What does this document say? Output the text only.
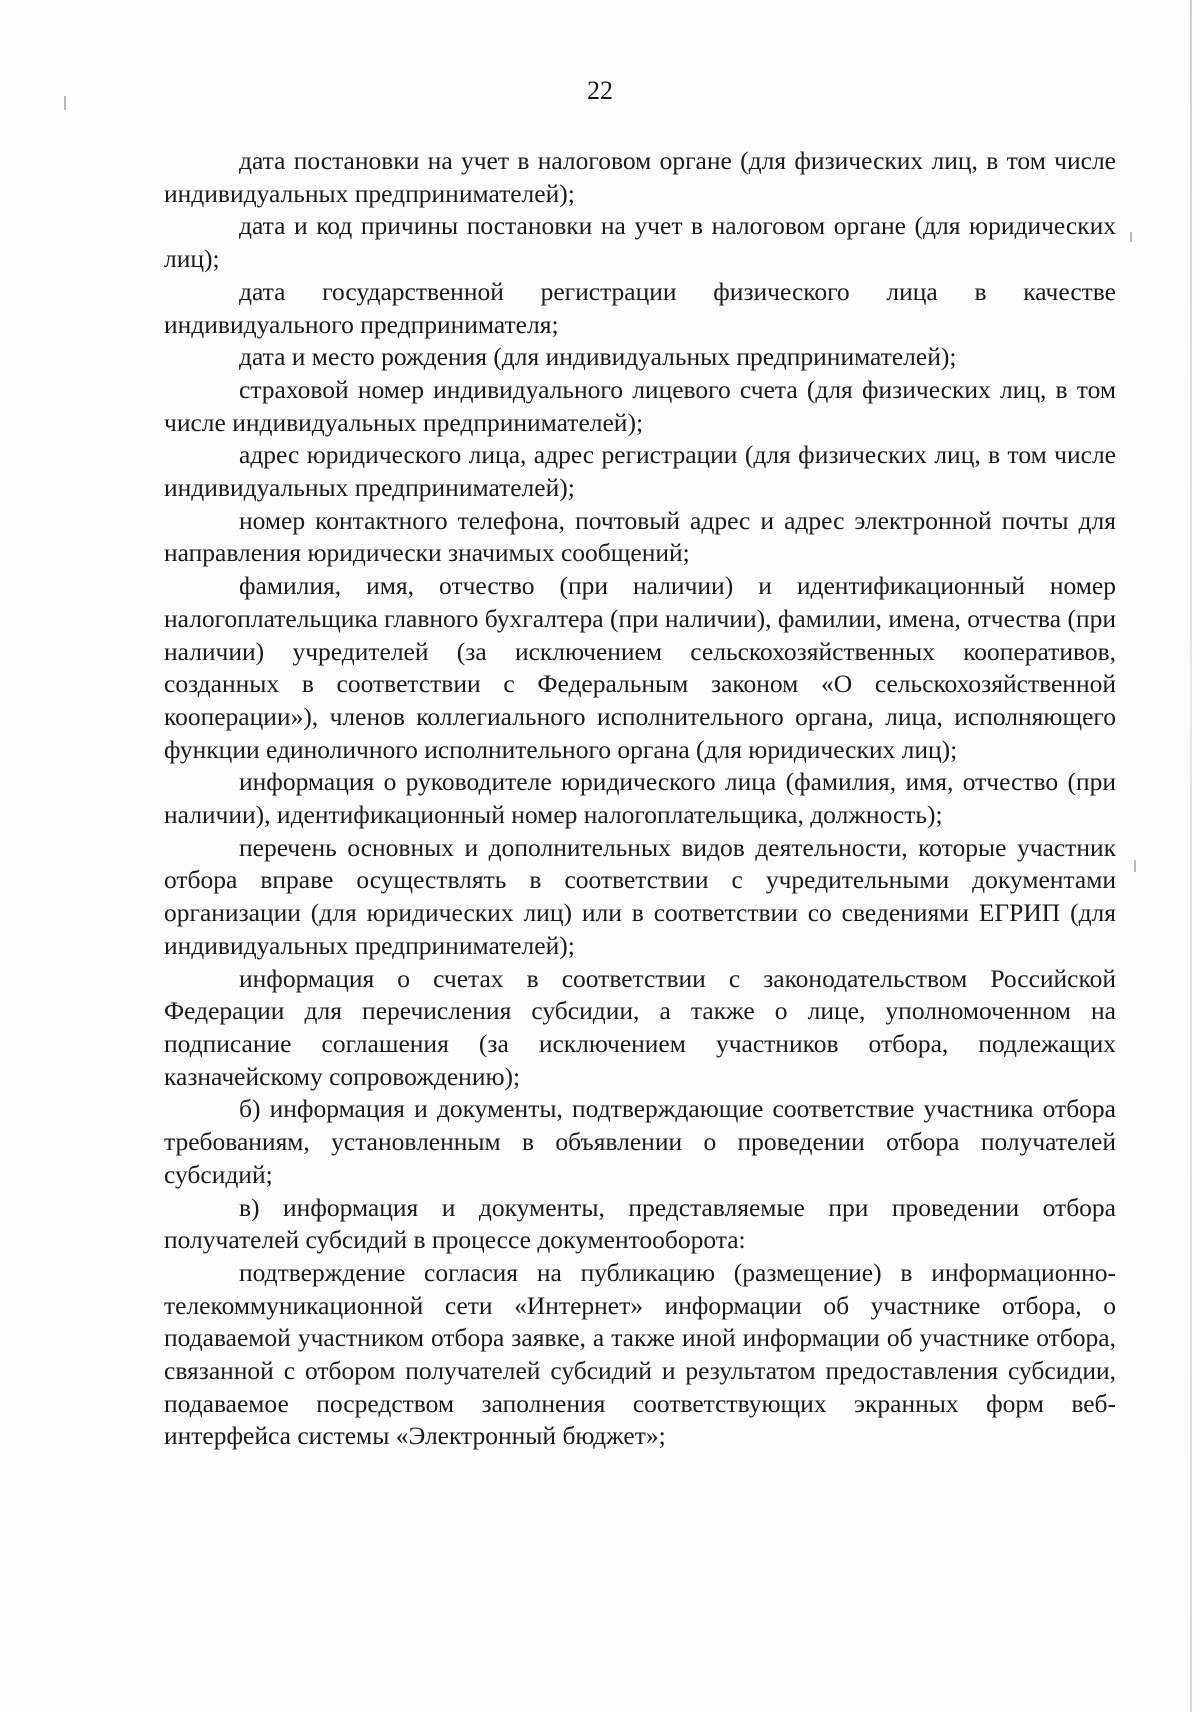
22

дата постановки на учет в налоговом органе (для физических лиц, в том числе индивидуальных предпринимателей);

дата и код причины постановки на учет в налоговом органе (для юридических лиц);

дата государственной регистрации физического лица в качестве индивидуального предпринимателя;

дата и место рождения (для индивидуальных предпринимателей);

страховой номер индивидуального лицевого счета (для физических лиц, в том числе индивидуальных предпринимателей);

адрес юридического лица, адрес регистрации (для физических лиц, в том числе индивидуальных предпринимателей);

номер контактного телефона, почтовый адрес и адрес электронной почты для направления юридически значимых сообщений;

фамилия, имя, отчество (при наличии) и идентификационный номер налогоплательщика главного бухгалтера (при наличии), фамилии, имена, отчества (при наличии) учредителей (за исключением сельскохозяйственных кооперативов, созданных в соответствии с Федеральным законом «О сельскохозяйственной кооперации»), членов коллегиального исполнительного органа, лица, исполняющего функции единоличного исполнительного органа (для юридических лиц);

информация о руководителе юридического лица (фамилия, имя, отчество (при наличии), идентификационный номер налогоплательщика, должность);

перечень основных и дополнительных видов деятельности, которые участник отбора вправе осуществлять в соответствии с учредительными документами организации (для юридических лиц) или в соответствии со сведениями ЕГРИП (для индивидуальных предпринимателей);

информация о счетах в соответствии с законодательством Российской Федерации для перечисления субсидии, а также о лице, уполномоченном на подписание соглашения (за исключением участников отбора, подлежащих казначейскому сопровождению);

б) информация и документы, подтверждающие соответствие участника отбора требованиям, установленным в объявлении о проведении отбора получателей субсидий;

в) информация и документы, представляемые при проведении отбора получателей субсидий в процессе документооборота:

подтверждение согласия на публикацию (размещение) в информационно-телекоммуникационной сети «Интернет» информации об участнике отбора, о подаваемой участником отбора заявке, а также иной информации об участнике отбора, связанной с отбором получателей субсидий и результатом предоставления субсидии, подаваемое посредством заполнения соответствующих экранных форм веб-интерфейса системы «Электронный бюджет»;
